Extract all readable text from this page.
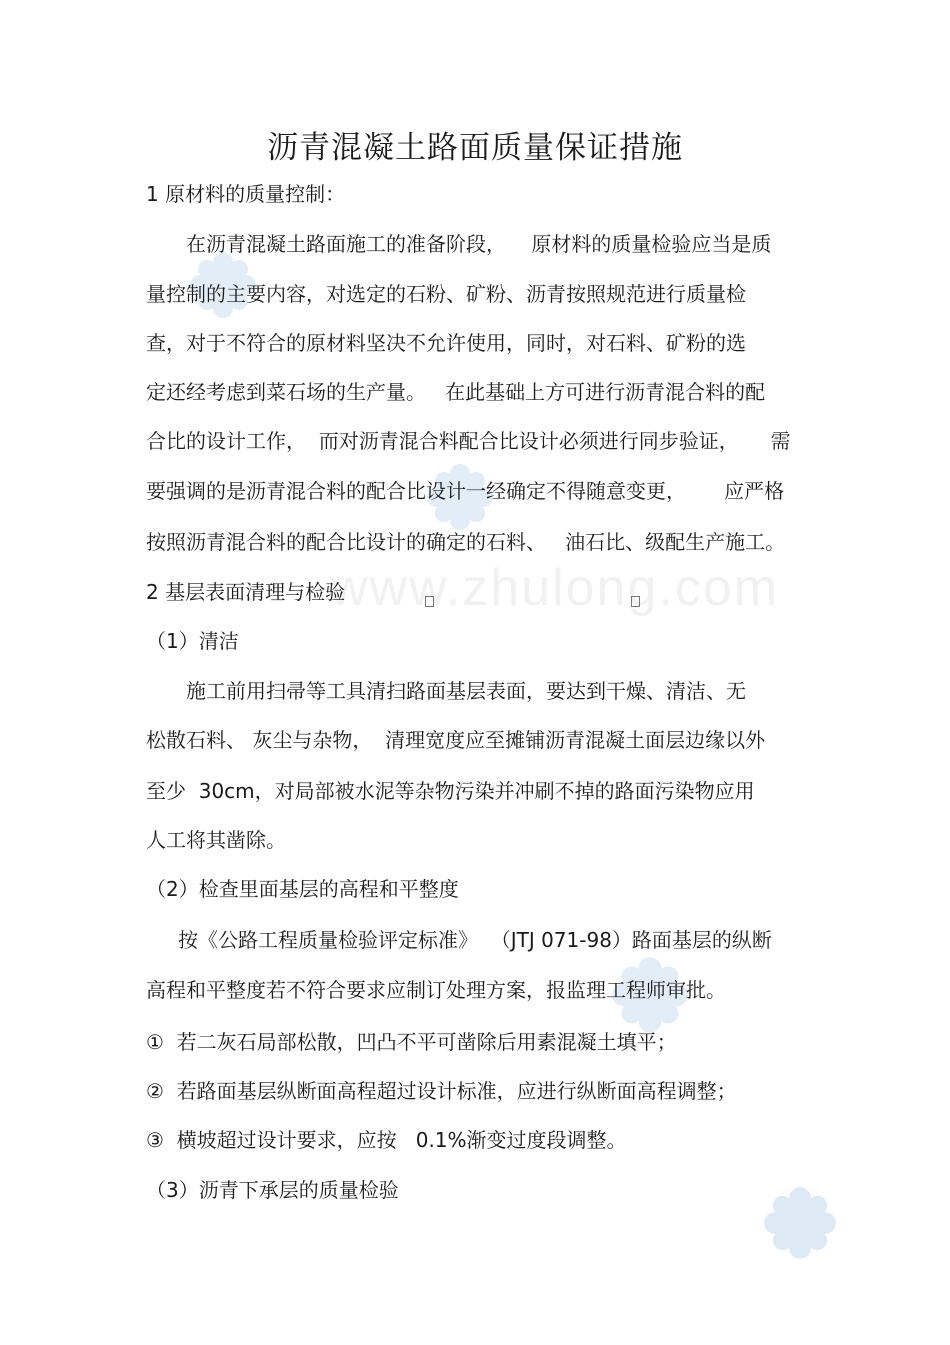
www.zhulong.com
沥青混凝土路面质量保证措施
1 原材料的质量控制：
在沥青混凝土路面施工的准备阶段，    原材料的质量检验应当是质
量控制的主要内容，对选定的石粉、矿粉、沥青按照规范进行质量检
查，对于不符合的原材料坚决不允许使用，同时，对石料、矿粉的选
定还经考虑到菜石场的生产量。   在此基础上方可进行沥青混合料的配
合比的设计工作，  而对沥青混合料配合比设计必须进行同步验证，     需
要强调的是沥青混合料的配合比设计一经确定不得随意变更，      应严格
按照沥青混合料的配合比设计的确定的石料、   油石比、级配生产施工。
2 基层表面清理与检验
（1）清洁
施工前用扫帚等工具清扫路面基层表面，要达到干燥、清洁、无
松散石料、 灰尘与杂物，  清理宽度应至摊铺沥青混凝土面层边缘以外
至少  30cm，对局部被水泥等杂物污染并冲刷不掉的路面污染物应用
人工将其凿除。
（2）检查里面基层的高程和平整度
按《公路工程质量检验评定标准》  （JTJ 071-98）路面基层的纵断
高程和平整度若不符合要求应制订处理方案，报监理工程师审批。
①  若二灰石局部松散，凹凸不平可凿除后用素混凝土填平；
②  若路面基层纵断面高程超过设计标准，应进行纵断面高程调整；
③  横坡超过设计要求，应按   0.1%渐变过度段调整。
（3）沥青下承层的质量检验
